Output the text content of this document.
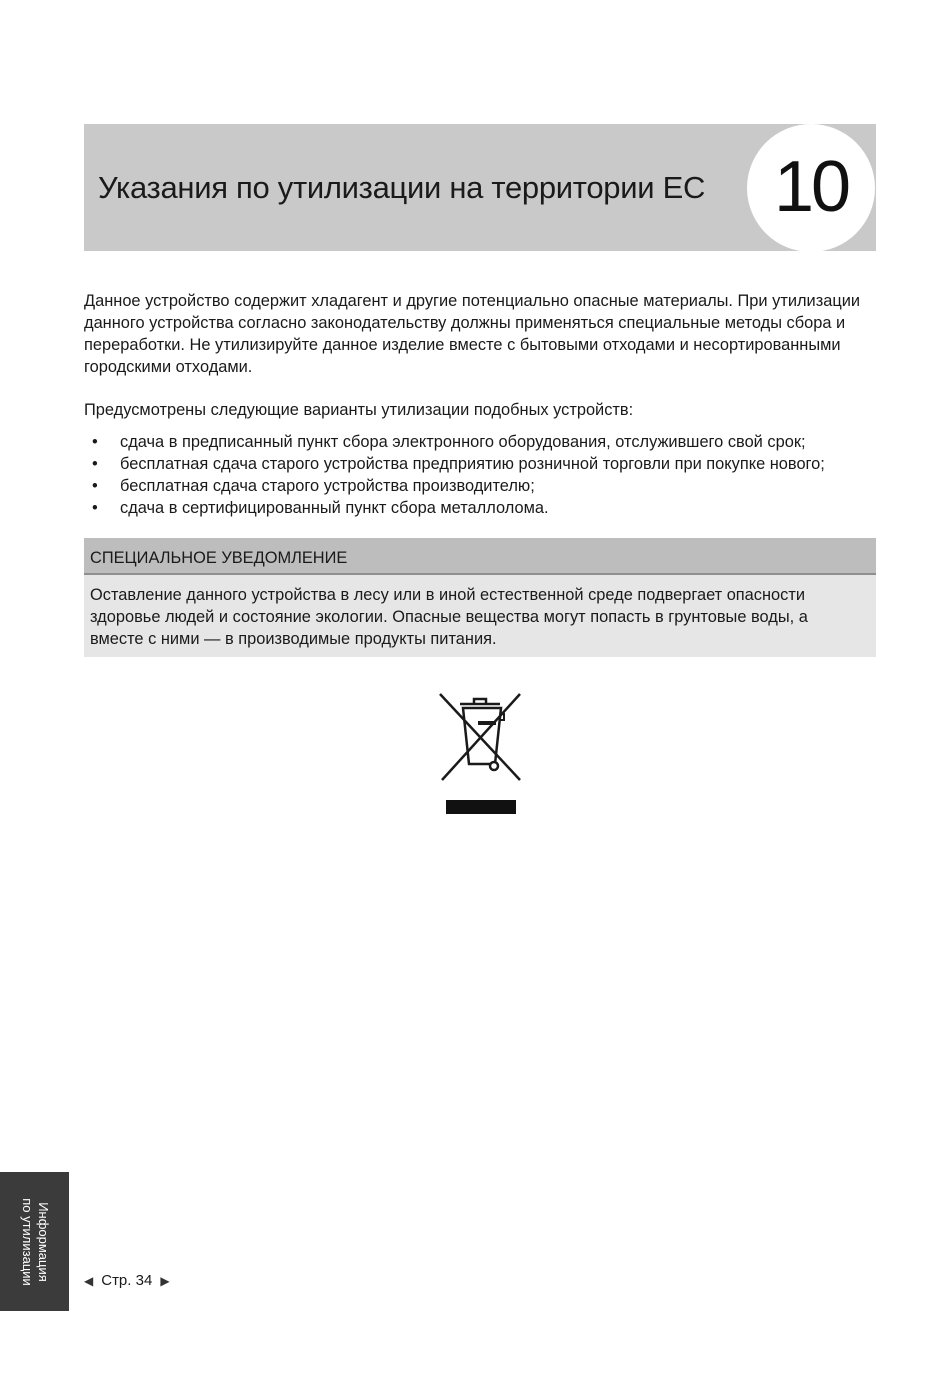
Указания по утилизации на территории ЕС 10

Данное устройство содержит хладагент и другие потенциально опасные материалы. При утилизации данного устройства согласно законодательству должны применяться специальные методы сбора и переработки. Не утилизируйте данное изделие вместе с бытовыми отходами и несортированными городскими отходами.

Предусмотрены следующие варианты утилизации подобных устройств:

• сдача в предписанный пункт сбора электронного оборудования, отслужившего свой срок;
• бесплатная сдача старого устройства предприятию розничной торговли при покупке нового;
• бесплатная сдача старого устройства производителю;
• сдача в сертифицированный пункт сбора металлолома.
СПЕЦИАЛЬНОЕ УВЕДОМЛЕНИЕ

Оставление данного устройства в лесу или в иной естественной среде подвергает опасности здоровье людей и состояние экологии. Опасные вещества могут попасть в грунтовые воды, а вместе с ними — в производимые продукты питания.

Информация
по утилизации	◀ Стр. 34 ▶
